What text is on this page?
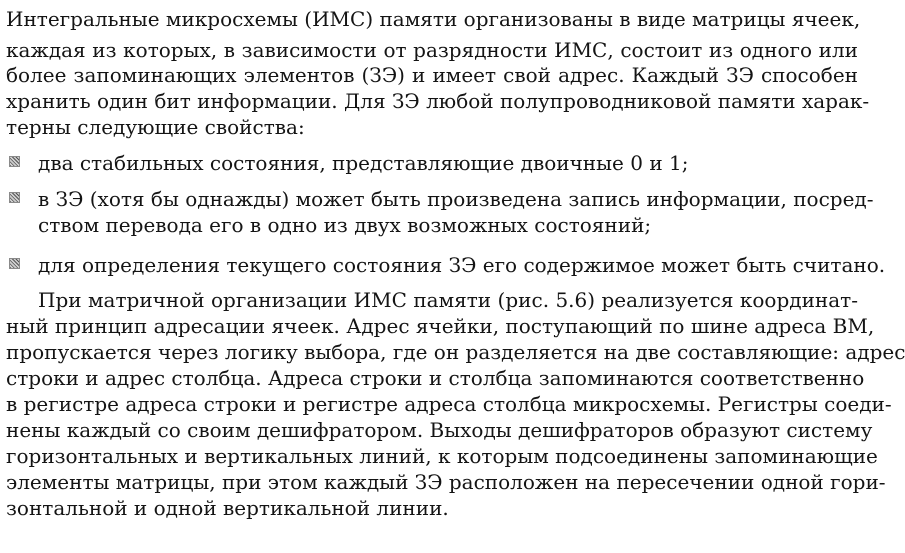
Интегральные микросхемы (ИМС) памяти организованы в виде матрицы ячеек,
каждая из которых, в зависимости от разрядности ИМС, состоит из одного или
более запоминающих элементов (ЗЭ) и имеет свой адрес. Каждый ЗЭ способен
хранить один бит информации. Для ЗЭ любой полупроводниковой памяти харак-
терны следующие свойства:
два стабильных состояния, представляющие двоичные 0 и 1;
в ЗЭ (хотя бы однажды) может быть произведена запись информации, посред-
ством перевода его в одно из двух возможных состояний;
для определения текущего состояния ЗЭ его содержимое может быть считано.
При матричной организации ИМС памяти (рис. 5.6) реализуется координат-
ный принцип адресации ячеек. Адрес ячейки, поступающий по шине адреса ВМ,
пропускается через логику выбора, где он разделяется на две составляющие: адрес
строки и адрес столбца. Адреса строки и столбца запоминаются соответственно
в регистре адреса строки и регистре адреса столбца микросхемы. Регистры соеди-
нены каждый со своим дешифратором. Выходы дешифраторов образуют систему
горизонтальных и вертикальных линий, к которым подсоединены запоминающие
элементы матрицы, при этом каждый ЗЭ расположен на пересечении одной гори-
зонтальной и одной вертикальной линии.
